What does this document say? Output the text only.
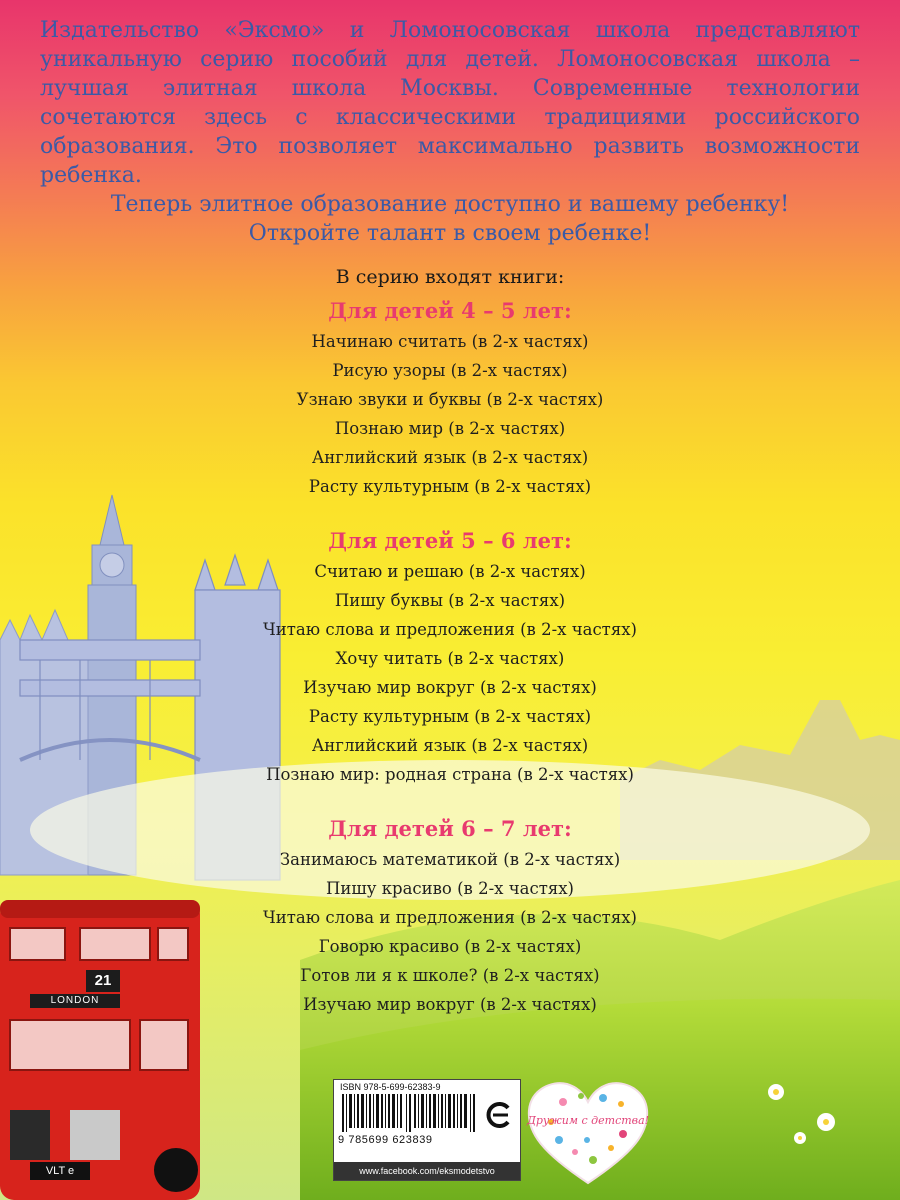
21
LONDON
VLT e

Издательство «Эксмо» и Ломоносовская школа представляют уникальную серию пособий для детей. Ломоносовская школа – лучшая элитная школа Москвы. Современные технологии сочетаются здесь с классическими традициями российского образования. Это позволяет максимально развить возможности ребенка.

Теперь элитное образование доступно и вашему ребенку!

Откройте талант в своем ребенке!

В серию входят книги:
Для детей 4 – 5 лет:
Начинаю считать (в 2-х частях)
Рисую узоры (в 2-х частях)
Узнаю звуки и буквы (в 2-х частях)
Познаю мир (в 2-х частях)
Английский язык (в 2-х частях)
Расту культурным (в 2-х частях)
Для детей 5 – 6 лет:
Считаю и решаю (в 2-х частях)
Пишу буквы (в 2-х частях)
Читаю слова и предложения (в 2-х частях)
Хочу читать (в 2-х частях)
Изучаю мир вокруг (в 2-х частях)
Расту культурным (в 2-х частях)
Английский язык (в 2-х частях)
Познаю мир: родная страна (в 2-х частях)
Для детей 6 – 7 лет:
Занимаюсь математикой (в 2-х частях)
Пишу красиво (в 2-х частях)
Читаю слова и предложения (в 2-х частях)
Говорю красиво (в 2-х частях)
Готов ли я к школе? (в 2-х частях)
Изучаю мир вокруг (в 2-х частях)
ISBN 978-5-699-62383-9
9 785699 623839
www.facebook.com/eksmodetstvo
Дружим с детства!
